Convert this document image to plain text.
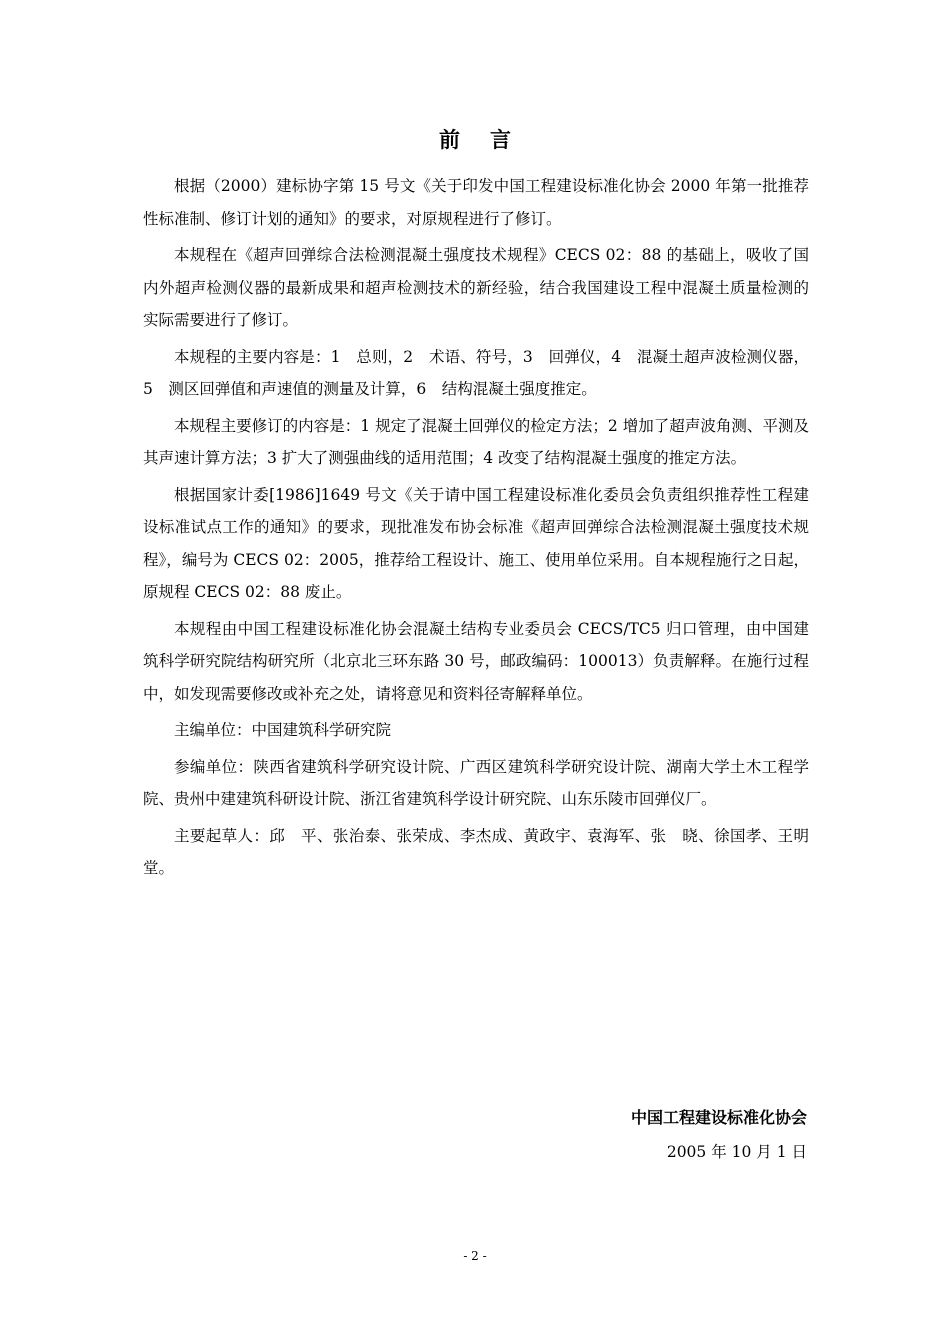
前言

根据（2000）建标协字第 15 号文《关于印发中国工程建设标准化协会 2000 年第一批推荐性标准制、修订计划的通知》的要求，对原规程进行了修订。

本规程在《超声回弹综合法检测混凝土强度技术规程》CECS 02：88 的基础上，吸收了国内外超声检测仪器的最新成果和超声检测技术的新经验，结合我国建设工程中混凝土质量检测的实际需要进行了修订。

本规程的主要内容是：1　总则，2　术语、符号，3　回弹仪，4　混凝土超声波检测仪器，5　测区回弹值和声速值的测量及计算，6　结构混凝土强度推定。

本规程主要修订的内容是：1 规定了混凝土回弹仪的检定方法；2 增加了超声波角测、平测及其声速计算方法；3 扩大了测强曲线的适用范围；4 改变了结构混凝土强度的推定方法。

根据国家计委[1986]1649 号文《关于请中国工程建设标准化委员会负责组织推荐性工程建设标准试点工作的通知》的要求，现批准发布协会标准《超声回弹综合法检测混凝土强度技术规程》，编号为 CECS 02：2005，推荐给工程设计、施工、使用单位采用。自本规程施行之日起，原规程 CECS 02：88 废止。

本规程由中国工程建设标准化协会混凝土结构专业委员会 CECS/TC5 归口管理，由中国建筑科学研究院结构研究所（北京北三环东路 30 号，邮政编码：100013）负责解释。在施行过程中，如发现需要修改或补充之处，请将意见和资料径寄解释单位。

主编单位：中国建筑科学研究院

参编单位：陕西省建筑科学研究设计院、广西区建筑科学研究设计院、湖南大学土木工程学院、贵州中建建筑科研设计院、浙江省建筑科学设计研究院、山东乐陵市回弹仪厂。

主要起草人：邱　平、张治泰、张荣成、李杰成、黄政宇、袁海军、张　晓、徐国孝、王明堂。

中国工程建设标准化协会
2005 年 10 月 1 日
- 2 -
